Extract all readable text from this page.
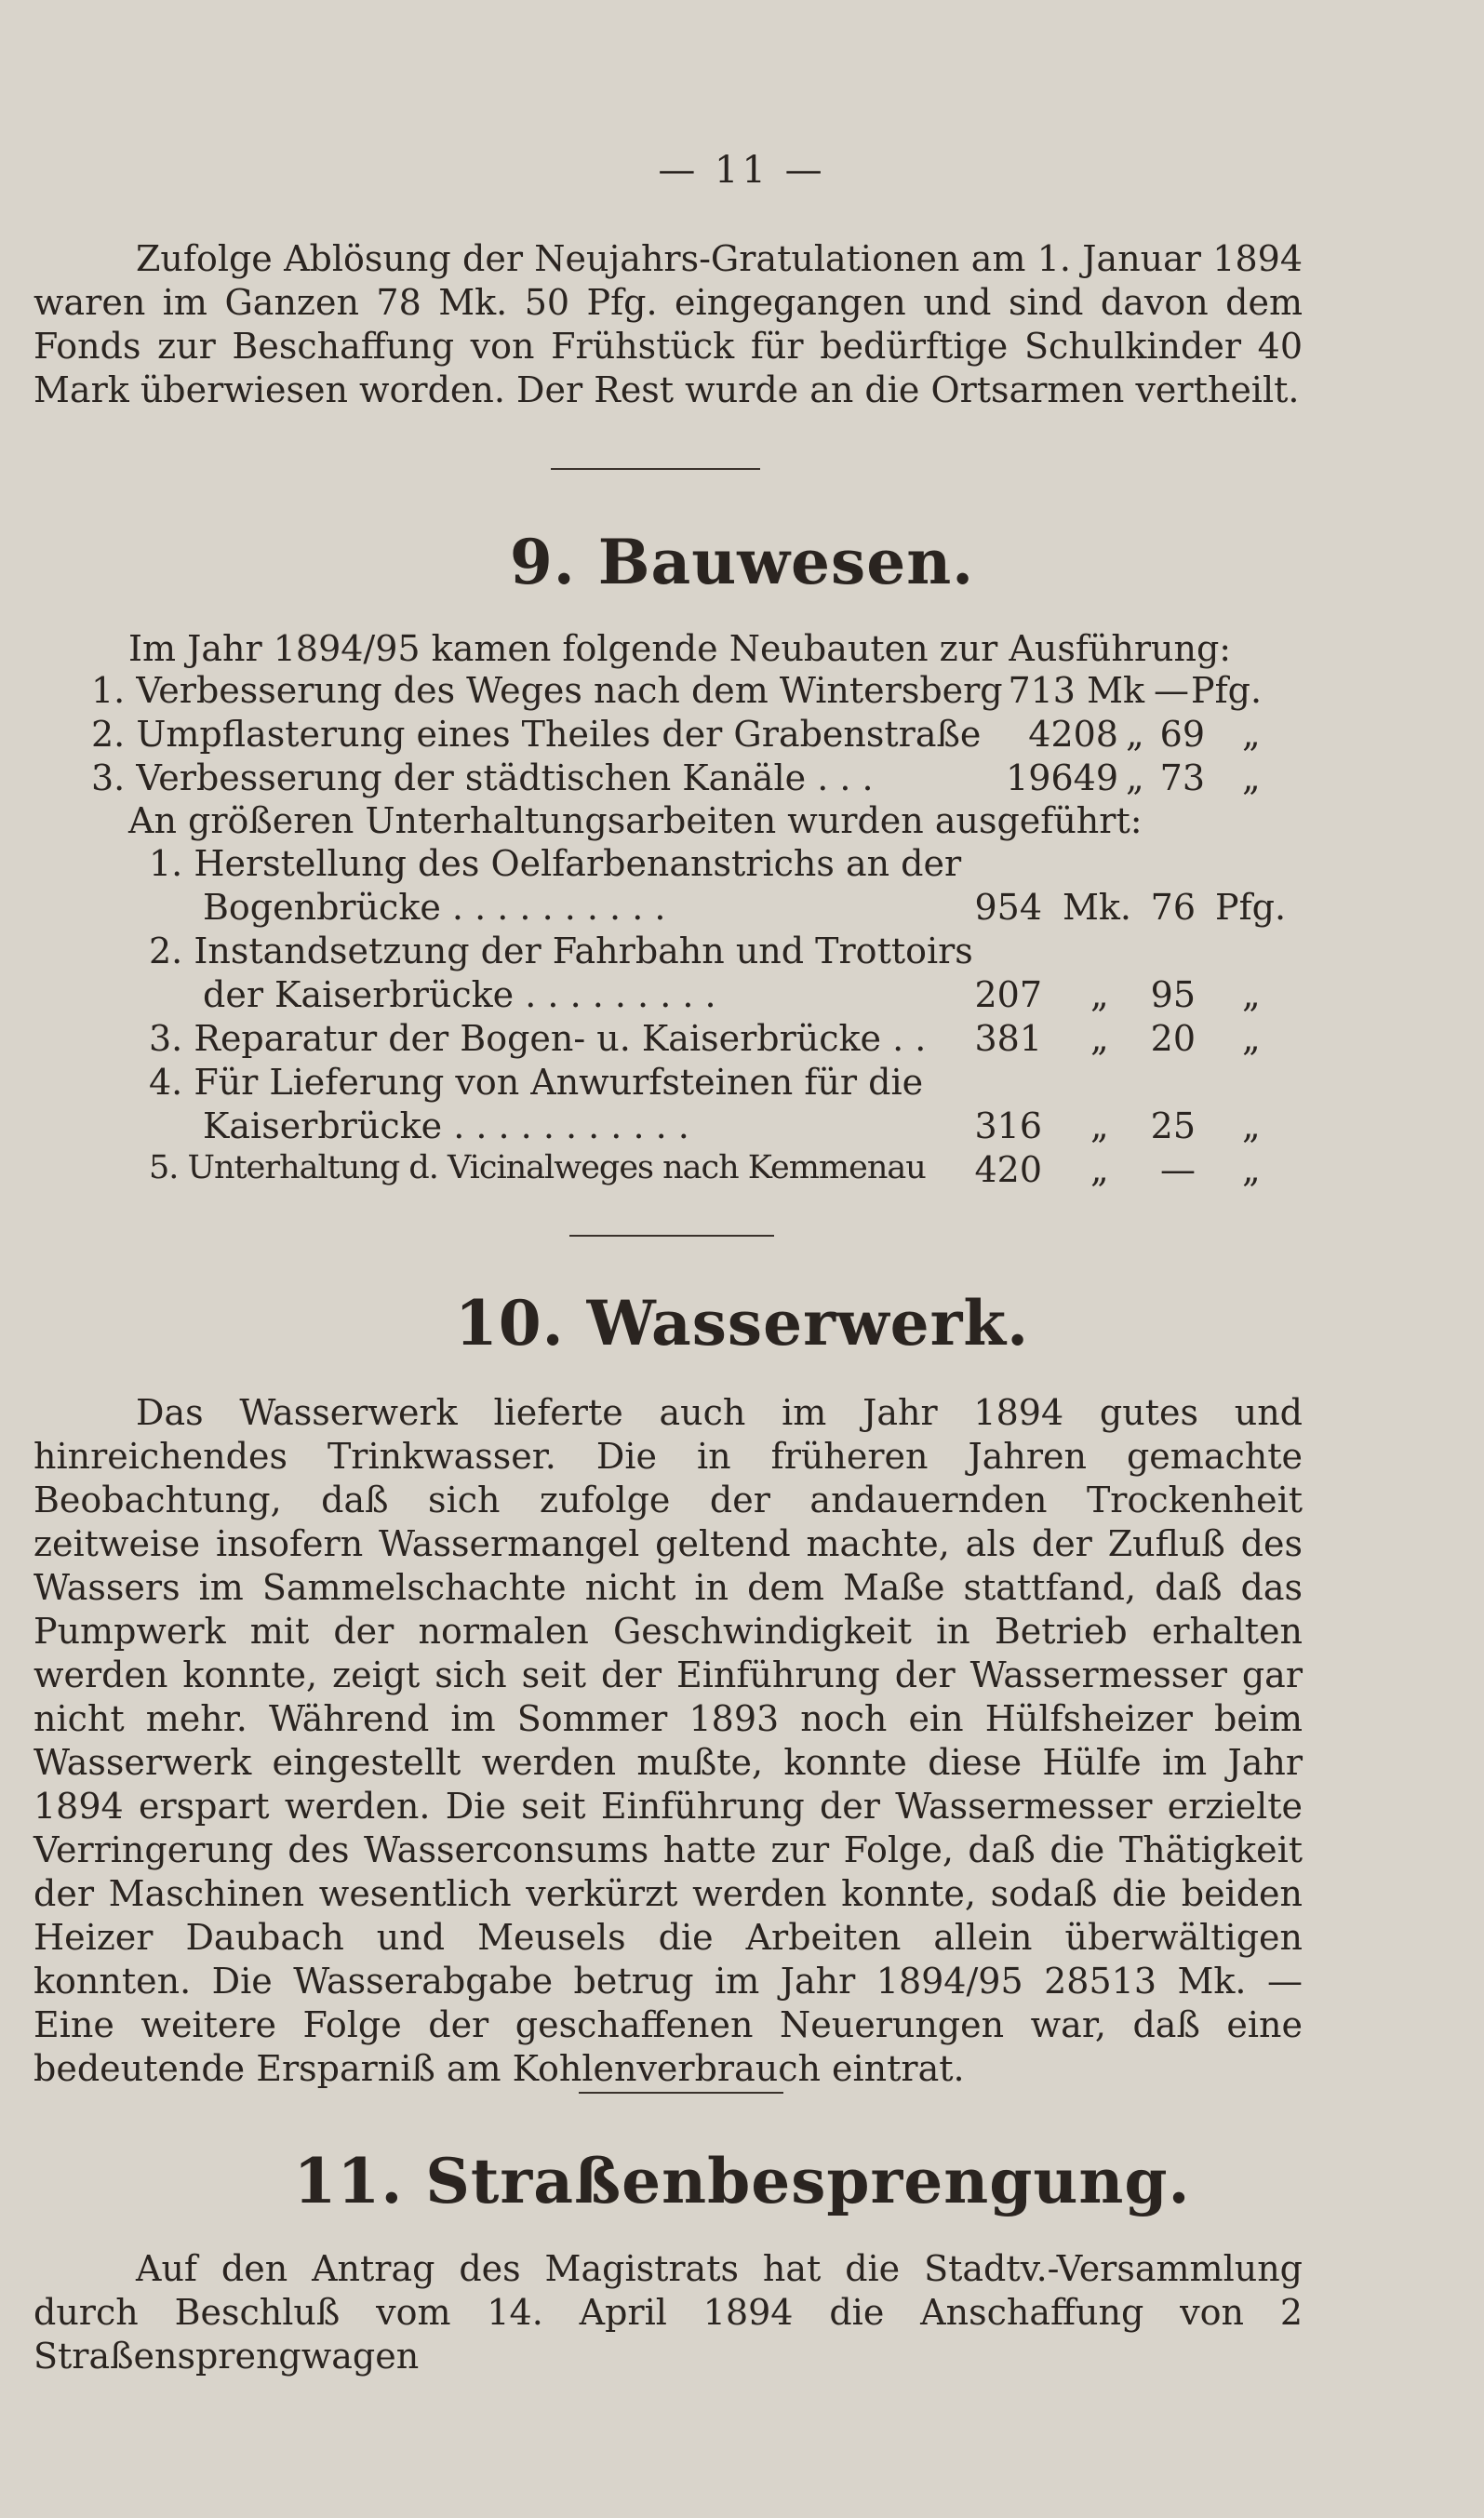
— 11 —

Zufolge Ablösung der Neujahrs-Gratulationen am 1. Januar 1894 waren im Ganzen 78 Mk. 50 Pfg. eingegangen und sind davon dem Fonds zur Beschaffung von Frühstück für bedürftige Schulkinder 40 Mark überwiesen worden. Der Rest wurde an die Ortsarmen vertheilt.

9. Bauwesen.
Im Jahr 1894/95 kamen folgende Neubauten zur Ausführung:
1. Verbesserung des Weges nach dem Wintersberg 713 Mk — Pfg.
2. Umpflasterung eines Theiles der Grabenstraße	4208 „ 69 „
3. Verbesserung der städtischen Kanäle . . .	19649 „ 73 „
An größeren Unterhaltungsarbeiten wurden ausgeführt:
1. Herstellung des Oelfarbenanstrichs an der
Bogenbrücke . . . . . . . . . .	954 Mk. 76 Pfg.
2. Instandsetzung der Fahrbahn und Trottoirs
der Kaiserbrücke . . . . . . . . .	207 „	95 „
3. Reparatur der Bogen- u. Kaiserbrücke . .	381 „	20 „
4. Für Lieferung von Anwurfsteinen für die
Kaiserbrücke . . . . . . . . . . .	316 „	25 „
5. Unterhaltung d. Vicinalweges nach Kemmenau	420 „	— „
10. Wasserwerk.

Das Wasserwerk lieferte auch im Jahr 1894 gutes und hinreichendes Trinkwasser. Die in früheren Jahren gemachte Beobachtung, daß sich zufolge der andauernden Trockenheit zeitweise insofern Wassermangel geltend machte, als der Zufluß des Wassers im Sammelschachte nicht in dem Maße stattfand, daß das Pumpwerk mit der normalen Geschwindigkeit in Betrieb erhalten werden konnte, zeigt sich seit der Einführung der Wassermesser gar nicht mehr. Während im Sommer 1893 noch ein Hülfsheizer beim Wasserwerk eingestellt werden mußte, konnte diese Hülfe im Jahr 1894 erspart werden. Die seit Einführung der Wassermesser erzielte Verringerung des Wasserconsums hatte zur Folge, daß die Thätigkeit der Maschinen wesentlich verkürzt werden konnte, sodaß die beiden Heizer Daubach und Meusels die Arbeiten allein überwältigen konnten. Die Wasserabgabe betrug im Jahr 1894/95 28513 Mk. — Eine weitere Folge der geschaffenen Neuerungen war, daß eine bedeutende Ersparniß am Kohlenverbrauch eintrat.

11. Straßenbesprengung.

Auf den Antrag des Magistrats hat die Stadtv.-Versammlung durch Beschluß vom 14. April 1894 die Anschaffung von 2 Straßensprengwagen
